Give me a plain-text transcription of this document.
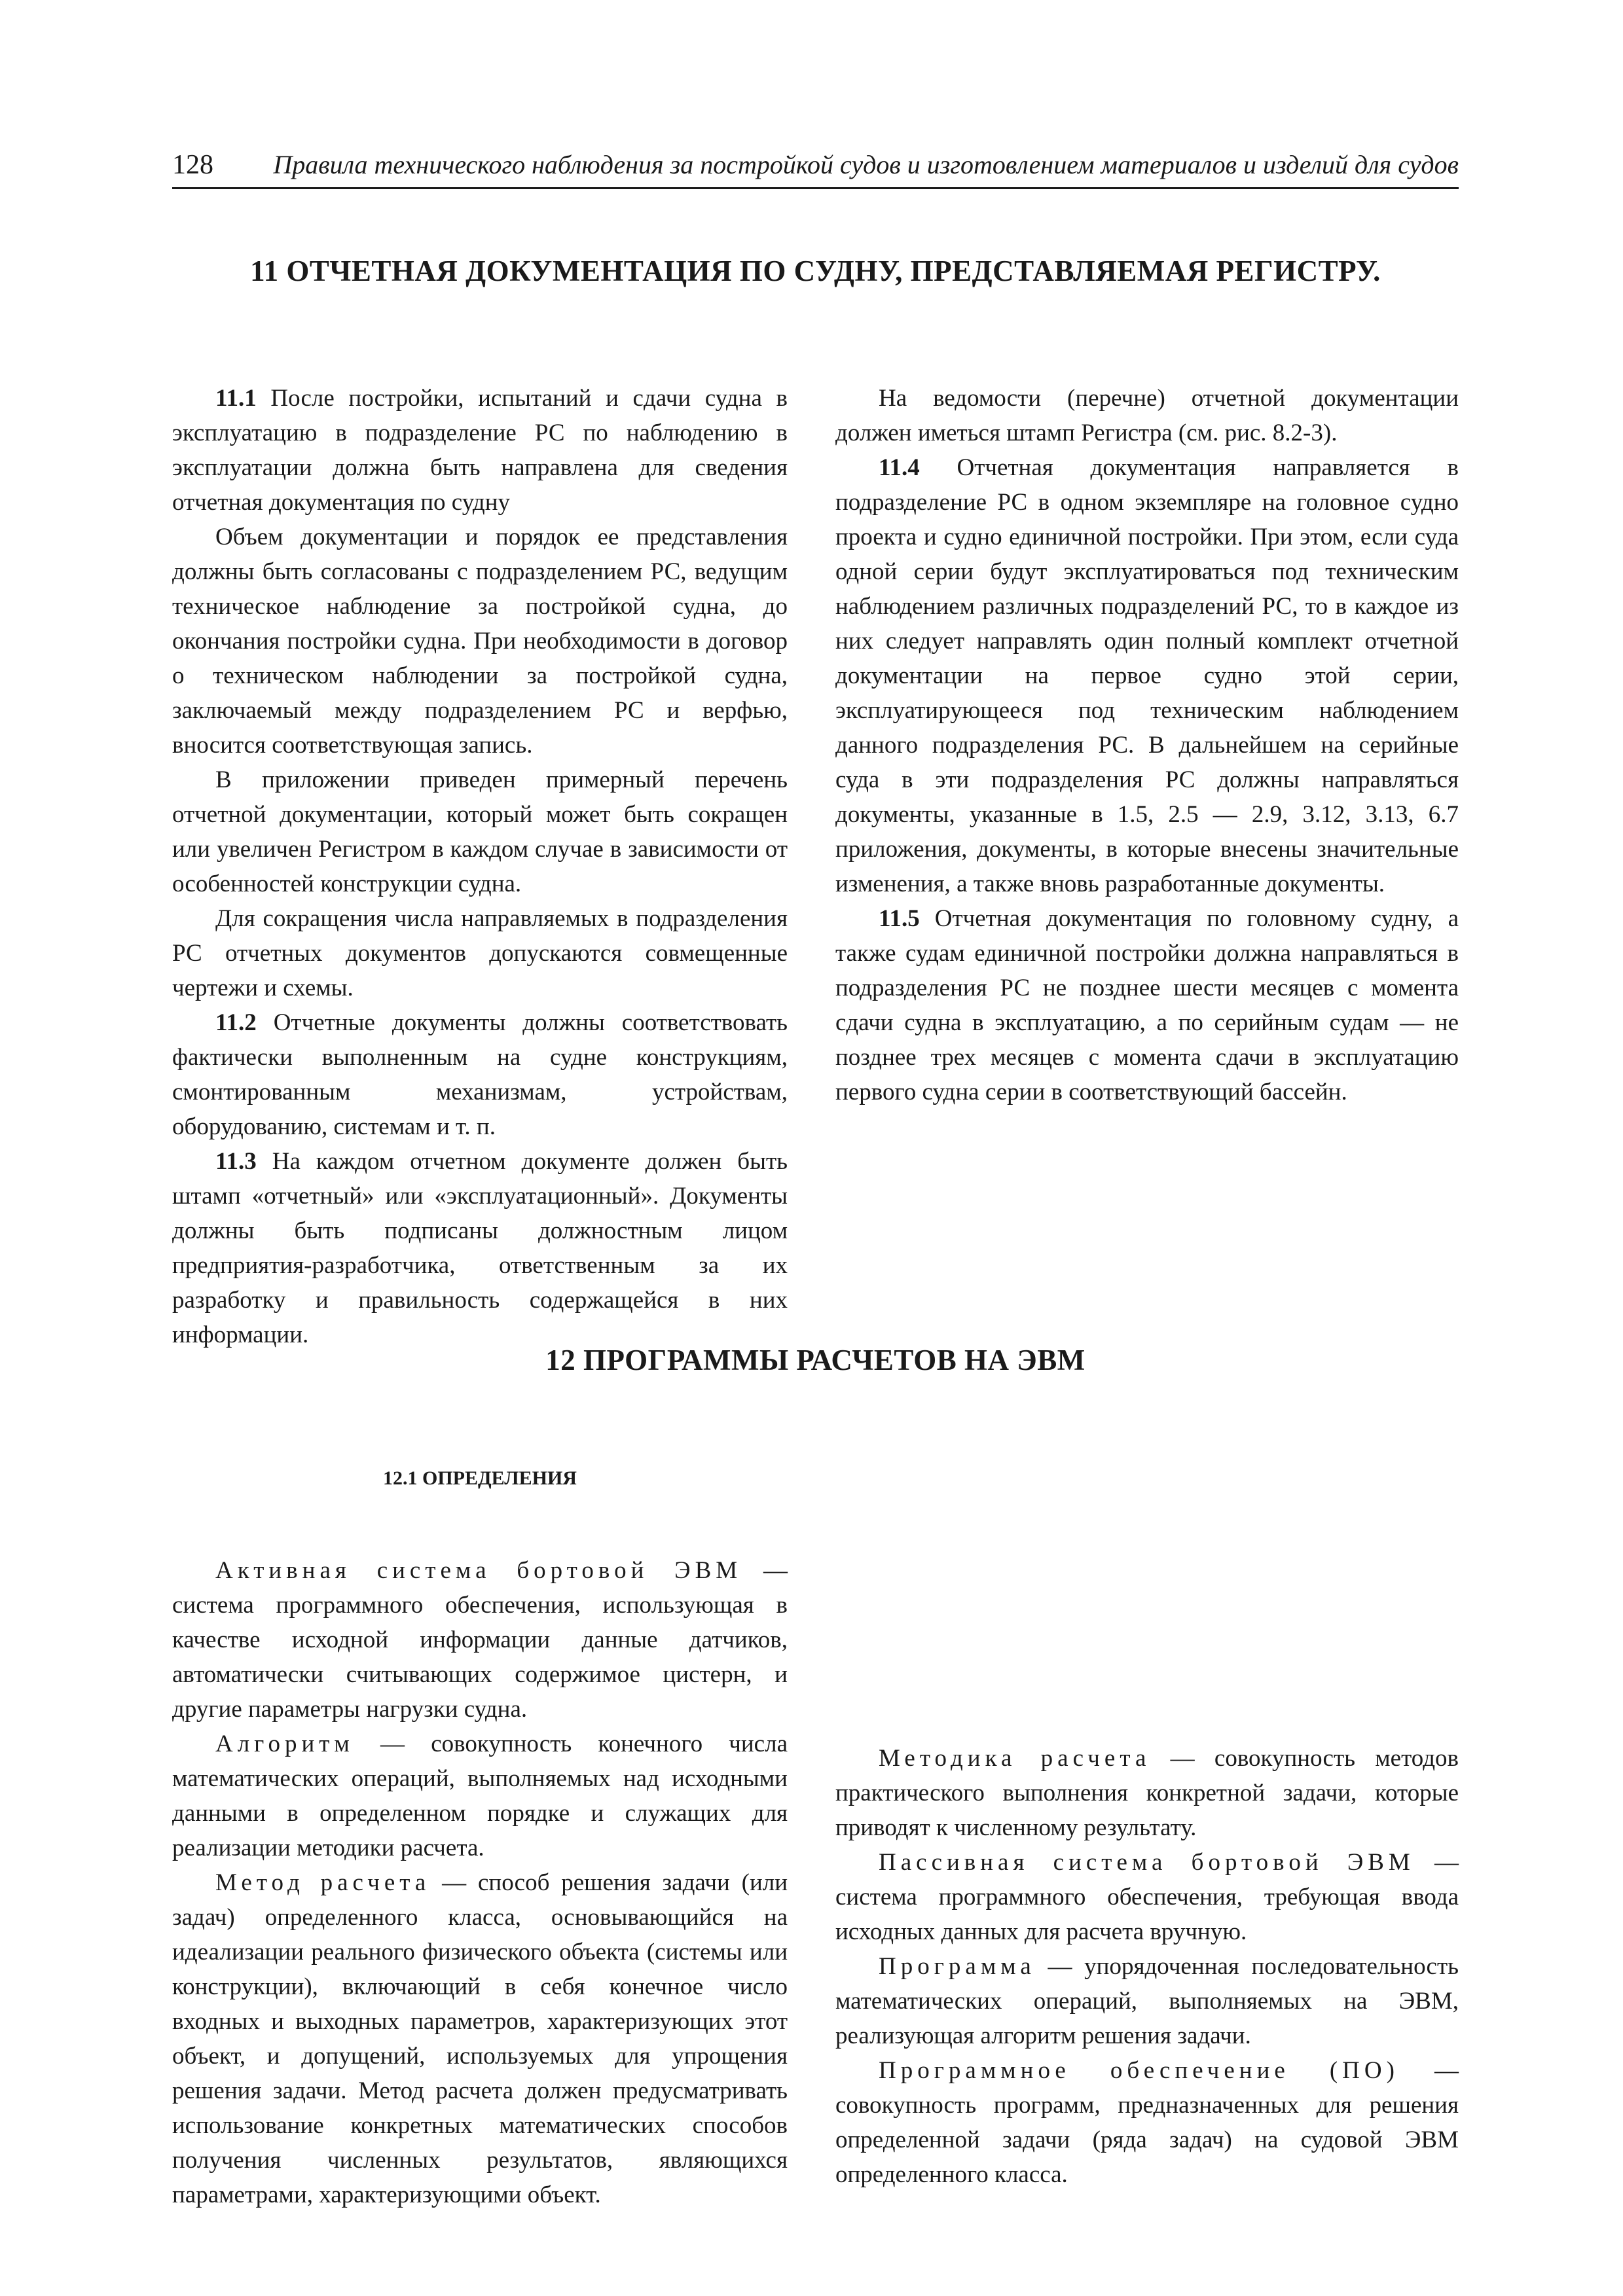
128	Правила технического наблюдения за постройкой судов и изготовлением материалов и изделий для судов
11 ОТЧЕТНАЯ ДОКУМЕНТАЦИЯ ПО СУДНУ, ПРЕДСТАВЛЯЕМАЯ РЕГИСТРУ.

11.1 После постройки, испытаний и сдачи судна в эксплуатацию в подразделение РС по наблюдению в эксплуатации должна быть направлена для сведения отчетная документация по судну

Объем документации и порядок ее представления должны быть согласованы с подразделением РС, ведущим техническое наблюдение за постройкой судна, до окончания постройки судна. При необходимости в договор о техническом наблюдении за постройкой судна, заключаемый между подразделением РС и верфью, вносится соответствующая запись.

В приложении приведен примерный перечень отчетной документации, который может быть сокращен или увеличен Регистром в каждом случае в зависимости от особенностей конструкции судна.

Для сокращения числа направляемых в подразделения РС отчетных документов допускаются совмещенные чертежи и схемы.

11.2 Отчетные документы должны соответствовать фактически выполненным на судне конструкциям, смонтированным механизмам, устройствам, оборудованию, системам и т. п.

11.3 На каждом отчетном документе должен быть штамп «отчетный» или «эксплуатационный». Документы должны быть подписаны должностным лицом предприятия-разработчика, ответственным за их разработку и правильность содержащейся в них информации.

На ведомости (перечне) отчетной документации должен иметься штамп Регистра (см. рис. 8.2-3).

11.4 Отчетная документация направляется в подразделение РС в одном экземпляре на головное судно проекта и судно единичной постройки. При этом, если суда одной серии будут эксплуатироваться под техническим наблюдением различных подразделений РС, то в каждое из них следует направлять один полный комплект отчетной документации на первое судно этой серии, эксплуатирующееся под техническим наблюдением данного подразделения РС. В дальнейшем на серийные суда в эти подразделения РС должны направляться документы, указанные в 1.5, 2.5 — 2.9, 3.12, 3.13, 6.7 приложения, документы, в которые внесены значительные изменения, а также вновь разработанные документы.

11.5 Отчетная документация по головному судну, а также судам единичной постройки должна направляться в подразделения РС не позднее шести месяцев с момента сдачи судна в эксплуатацию, а по серийным судам — не позднее трех месяцев с момента сдачи в эксплуатацию первого судна серии в соответствующий бассейн.

12 ПРОГРАММЫ РАСЧЕТОВ НА ЭВМ

12.1 ОПРЕДЕЛЕНИЯ

Активная система бортовой ЭВМ — система программного обеспечения, использующая в качестве исходной информации данные датчиков, автоматически считывающих содержимое цистерн, и другие параметры нагрузки судна.

Алгоритм — совокупность конечного числа математических операций, выполняемых над исходными данными в определенном порядке и служащих для реализации методики расчета.

Метод расчета — способ решения задачи (или задач) определенного класса, основывающийся на идеализации реального физического объекта (системы или конструкции), включающий в себя конечное число входных и выходных параметров, характеризующих этот объект, и допущений, используемых для упрощения решения задачи. Метод расчета должен предусматривать использование конкретных математических способов получения численных результатов, являющихся параметрами, характеризующими объект.

Методика расчета — совокупность методов практического выполнения конкретной задачи, которые приводят к численному результату.

Пассивная система бортовой ЭВМ — система программного обеспечения, требующая ввода исходных данных для расчета вручную.

Программа — упорядоченная последовательность математических операций, выполняемых на ЭВМ, реализующая алгоритм решения задачи.

Программное обеспечение (ПО) — совокупность программ, предназначенных для решения определенной задачи (ряда задач) на судовой ЭВМ определенного класса.
